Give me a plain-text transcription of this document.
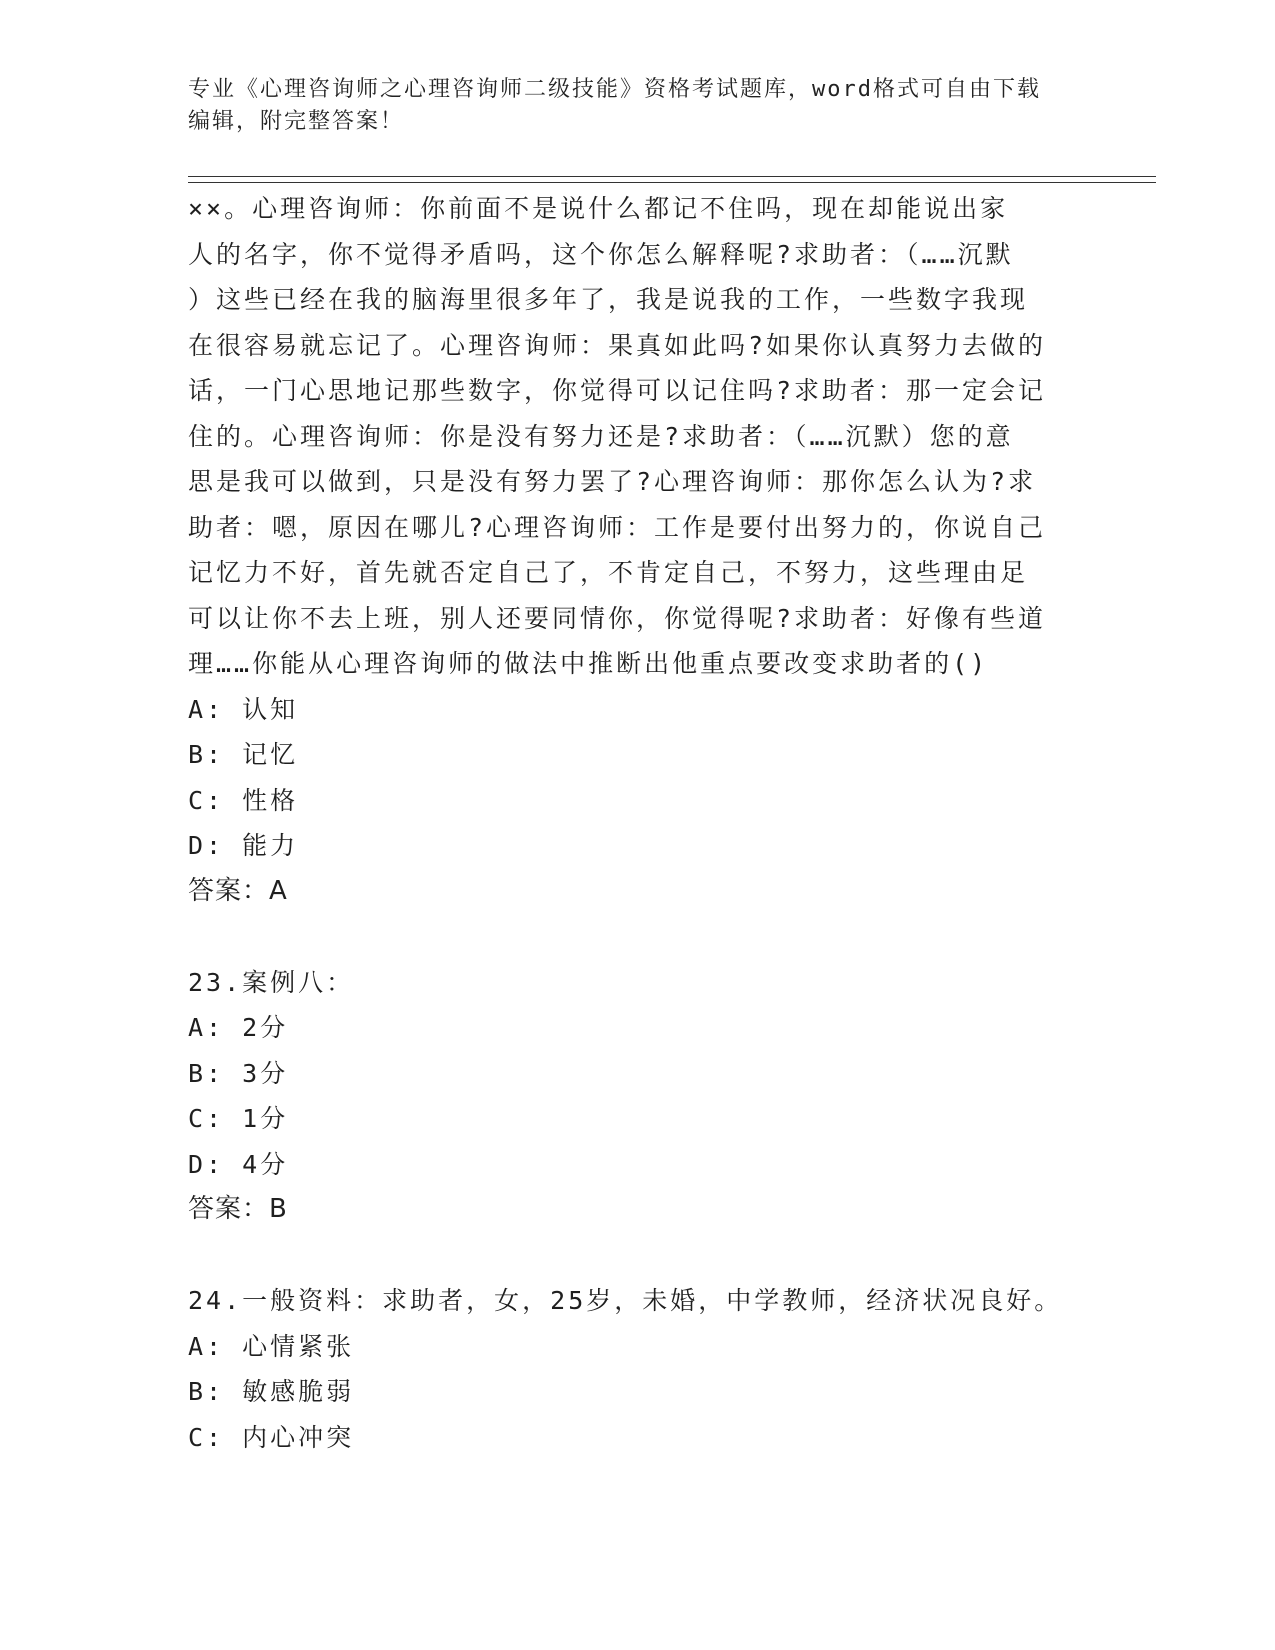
专业《心理咨询师之心理咨询师二级技能》资格考试题库，word格式可自由下载
编辑，附完整答案！
××。心理咨询师：你前面不是说什么都记不住吗，现在却能说出家
人的名字，你不觉得矛盾吗，这个你怎么解释呢?求助者：（……沉默
）这些已经在我的脑海里很多年了，我是说我的工作，一些数字我现
在很容易就忘记了。心理咨询师：果真如此吗?如果你认真努力去做的
话，一门心思地记那些数字，你觉得可以记住吗?求助者：那一定会记
住的。心理咨询师：你是没有努力还是?求助者：（……沉默）您的意
思是我可以做到，只是没有努力罢了?心理咨询师：那你怎么认为?求
助者：嗯，原因在哪儿?心理咨询师：工作是要付出努力的，你说自己
记忆力不好，首先就否定自己了，不肯定自己，不努力，这些理由足
可以让你不去上班，别人还要同情你，你觉得呢?求助者：好像有些道
理……你能从心理咨询师的做法中推断出他重点要改变求助者的()
A: 认知
B: 记忆
C: 性格
D: 能力
答案：A
23.案例八：
A: 2分
B: 3分
C: 1分
D: 4分
答案：B
24.一般资料：求助者，女，25岁，未婚，中学教师，经济状况良好。
A: 心情紧张
B: 敏感脆弱
C: 内心冲突
